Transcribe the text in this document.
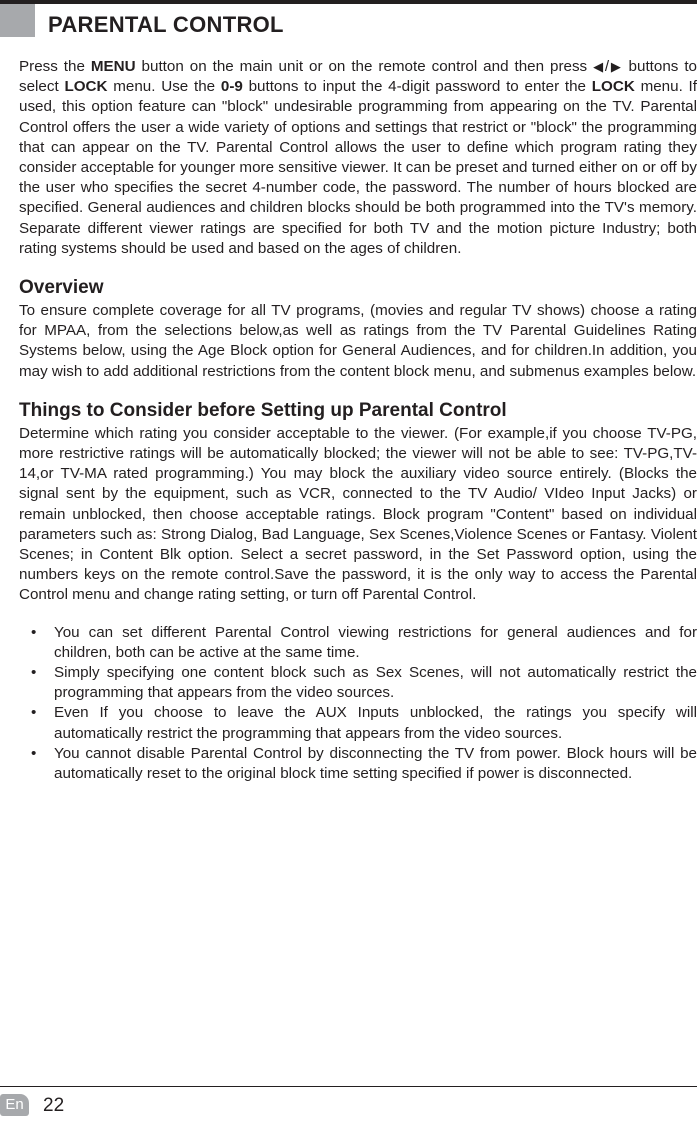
PARENTAL CONTROL

Press the MENU button on the main unit or on the remote control and then press ◀/▶ buttons to select LOCK menu. Use the 0-9 buttons to input the 4-digit password to enter the LOCK menu. If used, this option feature can "block" undesirable programming from appearing on the TV. Parental Control offers the user a wide variety of options and settings that restrict or "block" the programming that can appear on the TV. Parental Control allows the user to define which program rating they consider acceptable for younger more sensitive viewer. It can be preset and turned either on or off by the user who specifies the secret 4-number code, the password. The number of hours blocked are specified. General audiences and children blocks should be both programmed into the TV's memory. Separate different viewer ratings are specified for both TV and the motion picture Industry; both rating systems should be used and based on the ages of children.

Overview

To ensure complete coverage for all TV programs, (movies and regular TV shows) choose a rating for MPAA, from the selections below,as well as ratings from the TV Parental Guidelines Rating Systems below, using the Age Block option for General Audiences, and for children.In addition, you may wish to add additional restrictions from the content block menu, and submenus examples below.

Things to Consider before Setting up Parental Control

Determine which rating you consider acceptable to the viewer. (For example,if you choose TV-PG, more restrictive ratings will be automatically blocked; the viewer will not be able to see: TV-PG,TV-14,or TV-MA rated programming.) You may block the auxiliary video source entirely. (Blocks the signal sent by the equipment, such as VCR, connected to the TV Audio/ VIdeo Input Jacks) or remain unblocked, then choose acceptable ratings. Block program "Content" based on individual parameters such as: Strong Dialog, Bad Language, Sex Scenes,Violence Scenes or Fantasy. Violent Scenes; in Content Blk option. Select a secret password, in the Set Password option, using the numbers keys on the remote control.Save the password, it is the only way to access the Parental Control menu and change rating setting, or turn off Parental Control.

• You can set different Parental Control viewing restrictions for general audiences and for children, both can be active at the same time.
• Simply specifying one content block such as Sex Scenes, will not automatically restrict the programming that appears from the video sources.
• Even If you choose to leave the AUX Inputs unblocked, the ratings you specify will automatically restrict the programming that appears from the video sources.
• You cannot disable Parental Control by disconnecting the TV from power. Block hours will be automatically reset to the original block time setting specified if power is disconnected.
En 22
